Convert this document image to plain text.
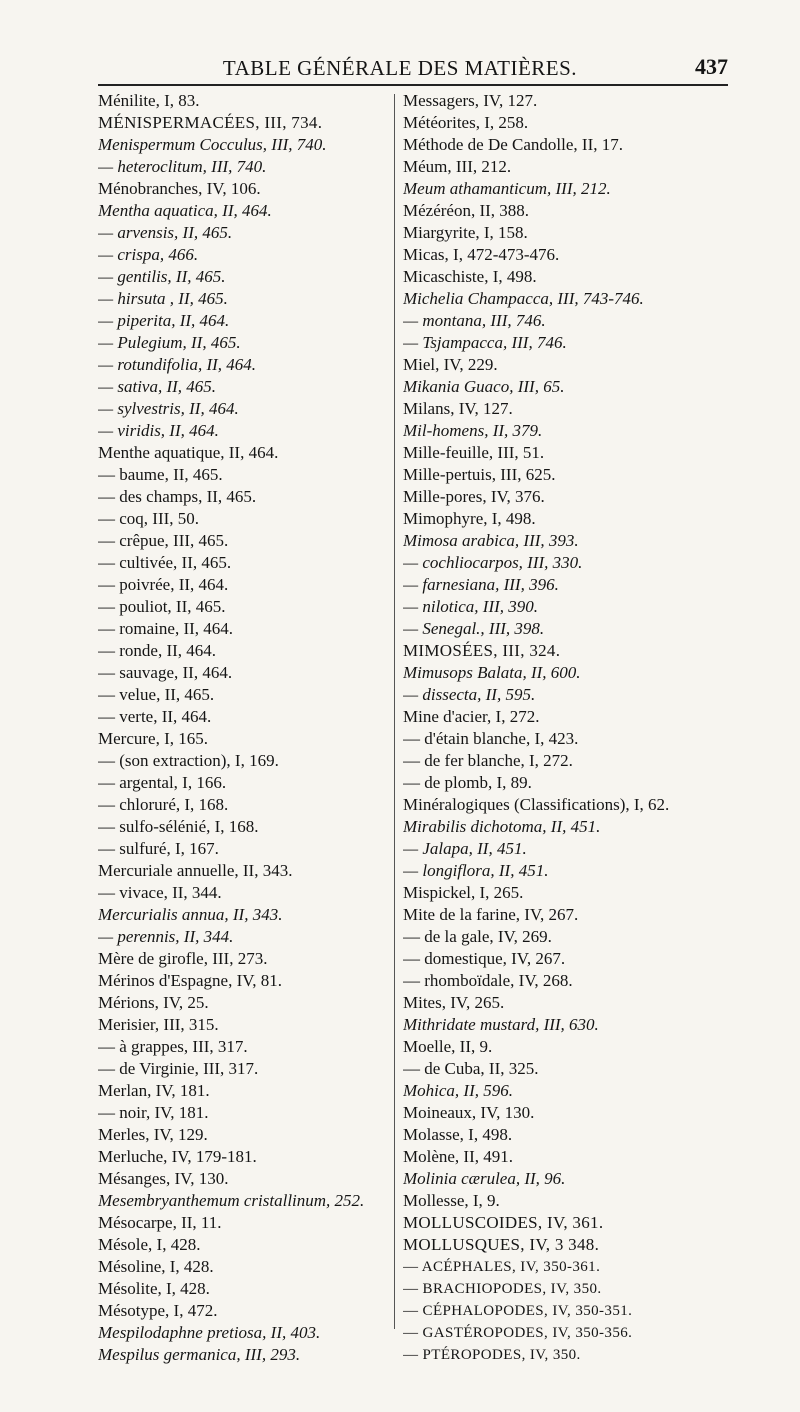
TABLE GÉNÉRALE DES MATIÈRES.	437
Ménilite, I, 83.
MÉNISPERMACÉES, III, 734.
Menispermum Cocculus, III, 740.
— heteroclitum, III, 740.
Ménobranches, IV, 106.
Mentha aquatica, II, 464.
— arvensis, II, 465.
— crispa, 466.
— gentilis, II, 465.
— hirsuta , II, 465.
— piperita, II, 464.
— Pulegium, II, 465.
— rotundifolia, II, 464.
— sativa, II, 465.
— sylvestris, II, 464.
— viridis, II, 464.
Menthe aquatique, II, 464.
— baume, II, 465.
— des champs, II, 465.
— coq, III, 50.
— crêpue, III, 465.
— cultivée, II, 465.
— poivrée, II, 464.
— pouliot, II, 465.
— romaine, II, 464.
— ronde, II, 464.
— sauvage, II, 464.
— velue, II, 465.
— verte, II, 464.
Mercure, I, 165.
— (son extraction), I, 169.
— argental, I, 166.
— chloruré, I, 168.
— sulfo-sélénié, I, 168.
— sulfuré, I, 167.
Mercuriale annuelle, II, 343.
— vivace, II, 344.
Mercurialis annua, II, 343.
— perennis, II, 344.
Mère de girofle, III, 273.
Mérinos d'Espagne, IV, 81.
Mérions, IV, 25.
Merisier, III, 315.
— à grappes, III, 317.
— de Virginie, III, 317.
Merlan, IV, 181.
— noir, IV, 181.
Merles, IV, 129.
Merluche, IV, 179-181.
Mésanges, IV, 130.
Mesembryanthemum cristallinum, 252.
Mésocarpe, II, 11.
Mésole, I, 428.
Mésoline, I, 428.
Mésolite, I, 428.
Mésotype, I, 472.
Mespilodaphne pretiosa, II, 403.
Mespilus germanica, III, 293.
Messagers, IV, 127.
Météorites, I, 258.
Méthode de De Candolle, II, 17.
Méum, III, 212.
Meum athamanticum, III, 212.
Mézéréon, II, 388.
Miargyrite, I, 158.
Micas, I, 472-473-476.
Micaschiste, I, 498.
Michelia Champacca, III, 743-746.
— montana, III, 746.
— Tsjampacca, III, 746.
Miel, IV, 229.
Mikania Guaco, III, 65.
Milans, IV, 127.
Mil-homens, II, 379.
Mille-feuille, III, 51.
Mille-pertuis, III, 625.
Mille-pores, IV, 376.
Mimophyre, I, 498.
Mimosa arabica, III, 393.
— cochliocarpos, III, 330.
— farnesiana, III, 396.
— nilotica, III, 390.
— Senegal., III, 398.
MIMOSÉES, III, 324.
Mimusops Balata, II, 600.
— dissecta, II, 595.
Mine d'acier, I, 272.
— d'étain blanche, I, 423.
— de fer blanche, I, 272.
— de plomb, I, 89.
Minéralogiques (Classifications), I, 62.
Mirabilis dichotoma, II, 451.
— Jalapa, II, 451.
— longiflora, II, 451.
Mispickel, I, 265.
Mite de la farine, IV, 267.
— de la gale, IV, 269.
— domestique, IV, 267.
— rhomboïdale, IV, 268.
Mites, IV, 265.
Mithridate mustard, III, 630.
Moelle, II, 9.
— de Cuba, II, 325.
Mohica, II, 596.
Moineaux, IV, 130.
Molasse, I, 498.
Molène, II, 491.
Molinia cærulea, II, 96.
Mollesse, I, 9.
MOLLUSCOIDES, IV, 361.
MOLLUSQUES, IV, 3 348.
— ACÉPHALES, IV, 350-361.
— BRACHIOPODES, IV, 350.
— CÉPHALOPODES, IV, 350-351.
— GASTÉROPODES, IV, 350-356.
— PTÉROPODES, IV, 350.
